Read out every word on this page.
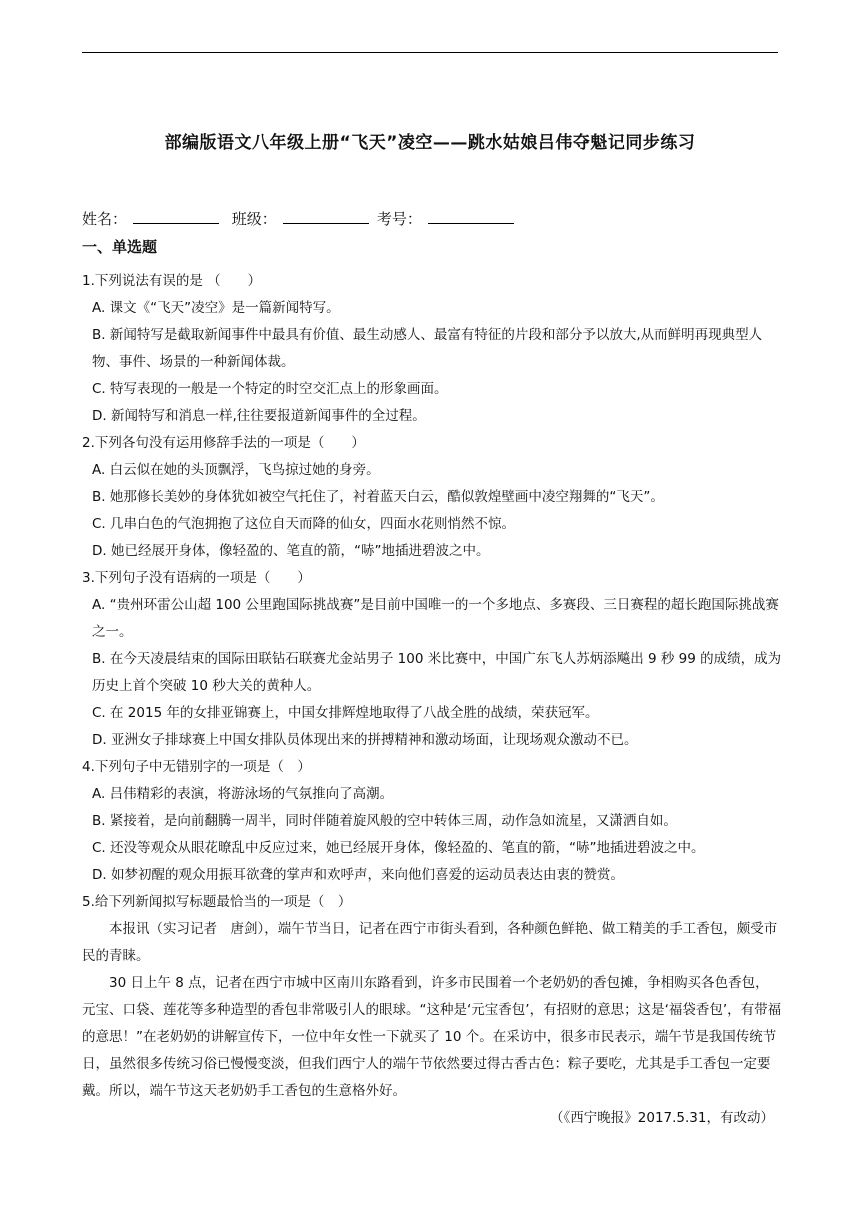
部编版语文八年级上册“飞天”凌空——跳水姑娘吕伟夺魁记同步练习
姓名：	班级：	考号：
一、单选题

1.下列说法有误的是 （　　）

A. 课文《“飞天”凌空》是一篇新闻特写。

B. 新闻特写是截取新闻事件中最具有价值、最生动感人、最富有特征的片段和部分予以放大,从而鲜明再现典型人物、事件、场景的一种新闻体裁。

C. 特写表现的一般是一个特定的时空交汇点上的形象画面。

D. 新闻特写和消息一样,往往要报道新闻事件的全过程。

2.下列各句没有运用修辞手法的一项是（　　）

A. 白云似在她的头顶飘浮，飞鸟掠过她的身旁。

B. 她那修长美妙的身体犹如被空气托住了，衬着蓝天白云，酷似敦煌壁画中凌空翔舞的“飞天”。

C. 几串白色的气泡拥抱了这位自天而降的仙女，四面水花则悄然不惊。

D. 她已经展开身体，像轻盈的、笔直的箭，“哧”地插进碧波之中。

3.下列句子没有语病的一项是（　　）

A. “贵州环雷公山超 100 公里跑国际挑战赛”是目前中国唯一的一个多地点、多赛段、三日赛程的超长跑国际挑战赛之一。

B. 在今天凌晨结束的国际田联钻石联赛尤金站男子 100 米比赛中，中国广东飞人苏炳添飚出 9 秒 99 的成绩，成为历史上首个突破 10 秒大关的黄种人。

C. 在 2015 年的女排亚锦赛上，中国女排辉煌地取得了八战全胜的战绩，荣获冠军。

D. 亚洲女子排球赛上中国女排队员体现出来的拼搏精神和激动场面，让现场观众激动不已。

4.下列句子中无错别字的一项是（　）

A. 吕伟精彩的表演，将游泳场的气氛推向了高潮。

B. 紧接着，是向前翻腾一周半，同时伴随着旋风般的空中转体三周，动作急如流星，又潇洒自如。

C. 还没等观众从眼花暸乱中反应过来，她已经展开身体，像轻盈的、笔直的箭，“哧”地插进碧波之中。

D. 如梦初醒的观众用振耳欲聋的掌声和欢呼声，来向他们喜爱的运动员表达由衷的赞赏。

5.给下列新闻拟写标题最恰当的一项是（　）

本报讯（实习记者　唐剑），端午节当日，记者在西宁市街头看到，各种颜色鲜艳、做工精美的手工香包，颇受市民的青睐。

30 日上午 8 点，记者在西宁市城中区南川东路看到，许多市民围着一个老奶奶的香包摊，争相购买各色香包，元宝、口袋、莲花等多种造型的香包非常吸引人的眼球。“这种是‘元宝香包’，有招财的意思；这是‘福袋香包’，有带福的意思！”在老奶奶的讲解宣传下，一位中年女性一下就买了 10 个。在采访中，很多市民表示，端午节是我国传统节日，虽然很多传统习俗已慢慢变淡，但我们西宁人的端午节依然要过得古香古色：粽子要吃，尤其是手工香包一定要戴。所以，端午节这天老奶奶手工香包的生意格外好。

（《西宁晚报》2017.5.31，有改动）
